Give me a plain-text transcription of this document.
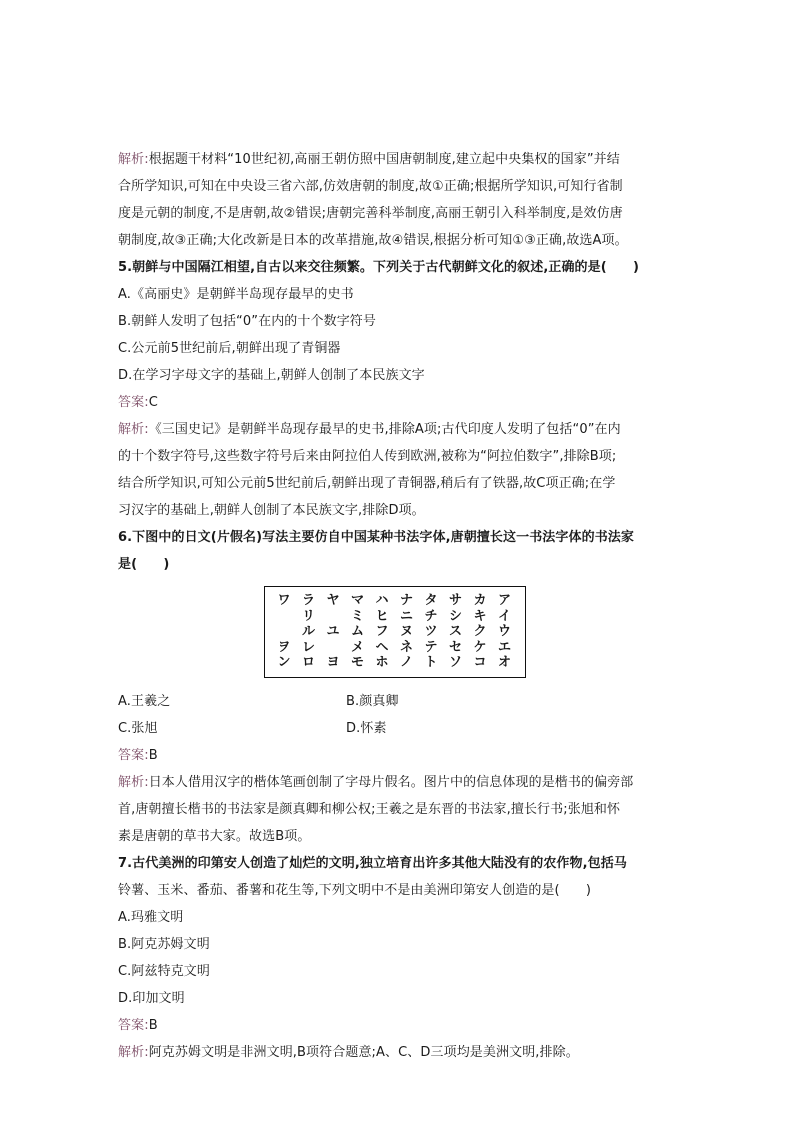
解析:根据题干材料“10世纪初,高丽王朝仿照中国唐朝制度,建立起中央集权的国家”并结
合所学知识,可知在中央设三省六部,仿效唐朝的制度,故①正确;根据所学知识,可知行省制
度是元朝的制度,不是唐朝,故②错误;唐朝完善科举制度,高丽王朝引入科举制度,是效仿唐
朝制度,故③正确;大化改新是日本的改革措施,故④错误,根据分析可知①③正确,故选A项。
5.朝鲜与中国隔江相望,自古以来交往频繁。下列关于古代朝鲜文化的叙述,正确的是(　　)
A.《高丽史》是朝鲜半岛现存最早的史书
B.朝鲜人发明了包括“0”在内的十个数字符号
C.公元前5世纪前后,朝鲜出现了青铜器
D.在学习字母文字的基础上,朝鲜人创制了本民族文字
答案:C
解析:《三国史记》是朝鲜半岛现存最早的史书,排除A项;古代印度人发明了包括“0”在内
的十个数字符号,这些数字符号后来由阿拉伯人传到欧洲,被称为“阿拉伯数字”,排除B项;
结合所学知识,可知公元前5世纪前后,朝鲜出现了青铜器,稍后有了铁器,故C项正确;在学
习汉字的基础上,朝鲜人创制了本民族文字,排除D项。
6.下图中的日文(片假名)写法主要仿自中国某种书法字体,唐朝擅长这一书法字体的书法家
是(　　)
ワ
ヲ
ン
ラ
リ
ル
レ
ロ
ヤ
ユ
ヨ
マ
ミ
ム
メ
モ
ハ
ヒ
フ
ヘ
ホ
ナ
ニ
ヌ
ネ
ノ
タ
チ
ツ
テ
ト
サ
シ
ス
セ
ソ
カ
キ
ク
ケ
コ
ア
イ
ウ
エ
オ
A.王羲之	B.颜真卿
C.张旭	D.怀素
答案:B
解析:日本人借用汉字的楷体笔画创制了字母片假名。图片中的信息体现的是楷书的偏旁部
首,唐朝擅长楷书的书法家是颜真卿和柳公权;王羲之是东晋的书法家,擅长行书;张旭和怀
素是唐朝的草书大家。故选B项。
7.古代美洲的印第安人创造了灿烂的文明,独立培育出许多其他大陆没有的农作物,包括马
铃薯、玉米、番茄、番薯和花生等,下列文明中不是由美洲印第安人创造的是(　　)
A.玛雅文明
B.阿克苏姆文明
C.阿兹特克文明
D.印加文明
答案:B
解析:阿克苏姆文明是非洲文明,B项符合题意;A、C、D三项均是美洲文明,排除。
